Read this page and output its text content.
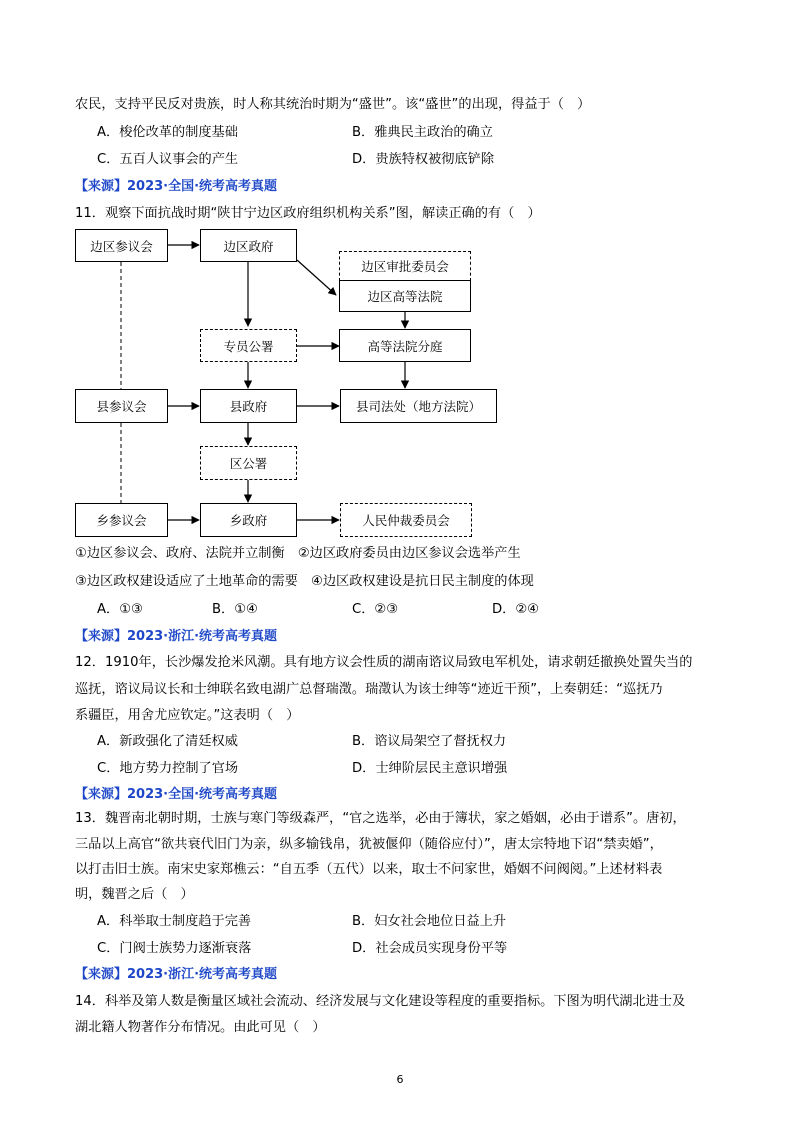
农民，支持平民反对贵族，时人称其统治时期为“盛世”。该“盛世”的出现，得益于（　）
A．梭伦改革的制度基础	B．雅典民主政治的确立
C．五百人议事会的产生	D．贵族特权被彻底铲除
【来源】2023·全国·统考高考真题
11．观察下面抗战时期“陕甘宁边区政府组织机构关系”图，解读正确的有（　）
边区参议会	边区政府
边区审批委员会
边区高等法院
专员公署	高等法院分庭
县参议会	县政府	县司法处（地方法院）
区公署
乡参议会	乡政府	人民仲裁委员会
①边区参议会、政府、法院并立制衡　②边区政府委员由边区参议会选举产生
③边区政权建设适应了土地革命的需要　④边区政权建设是抗日民主制度的体现
A．①③	B．①④	C．②③	D．②④
【来源】2023·浙江·统考高考真题
12．1910年，长沙爆发抢米风潮。具有地方议会性质的湖南谘议局致电军机处，请求朝廷撤换处置失当的
巡抚，谘议局议长和士绅联名致电湖广总督瑞澂。瑞澂认为该士绅等“迹近干预”，上奏朝廷：“巡抚乃
系疆臣，用舍尤应钦定。”这表明（　）
A．新政强化了清廷权威	B．谘议局架空了督抚权力
C．地方势力控制了官场	D．士绅阶层民主意识增强
【来源】2023·全国·统考高考真题
13．魏晋南北朝时期，士族与寒门等级森严，“官之选举，必由于簿状，家之婚姻，必由于谱系”。唐初，
三品以上高官“欲共衰代旧门为亲，纵多输钱帛，犹被偃仰（随俗应付）”，唐太宗特地下诏“禁卖婚”，
以打击旧士族。南宋史家郑樵云：“自五季（五代）以来，取士不问家世，婚姻不问阀阅。”上述材料表
明，魏晋之后（　）
A．科举取士制度趋于完善	B．妇女社会地位日益上升
C．门阀士族势力逐渐衰落	D．社会成员实现身份平等
【来源】2023·浙江·统考高考真题
14．科举及第人数是衡量区域社会流动、经济发展与文化建设等程度的重要指标。下图为明代湖北进士及
湖北籍人物著作分布情况。由此可见（　）
6
